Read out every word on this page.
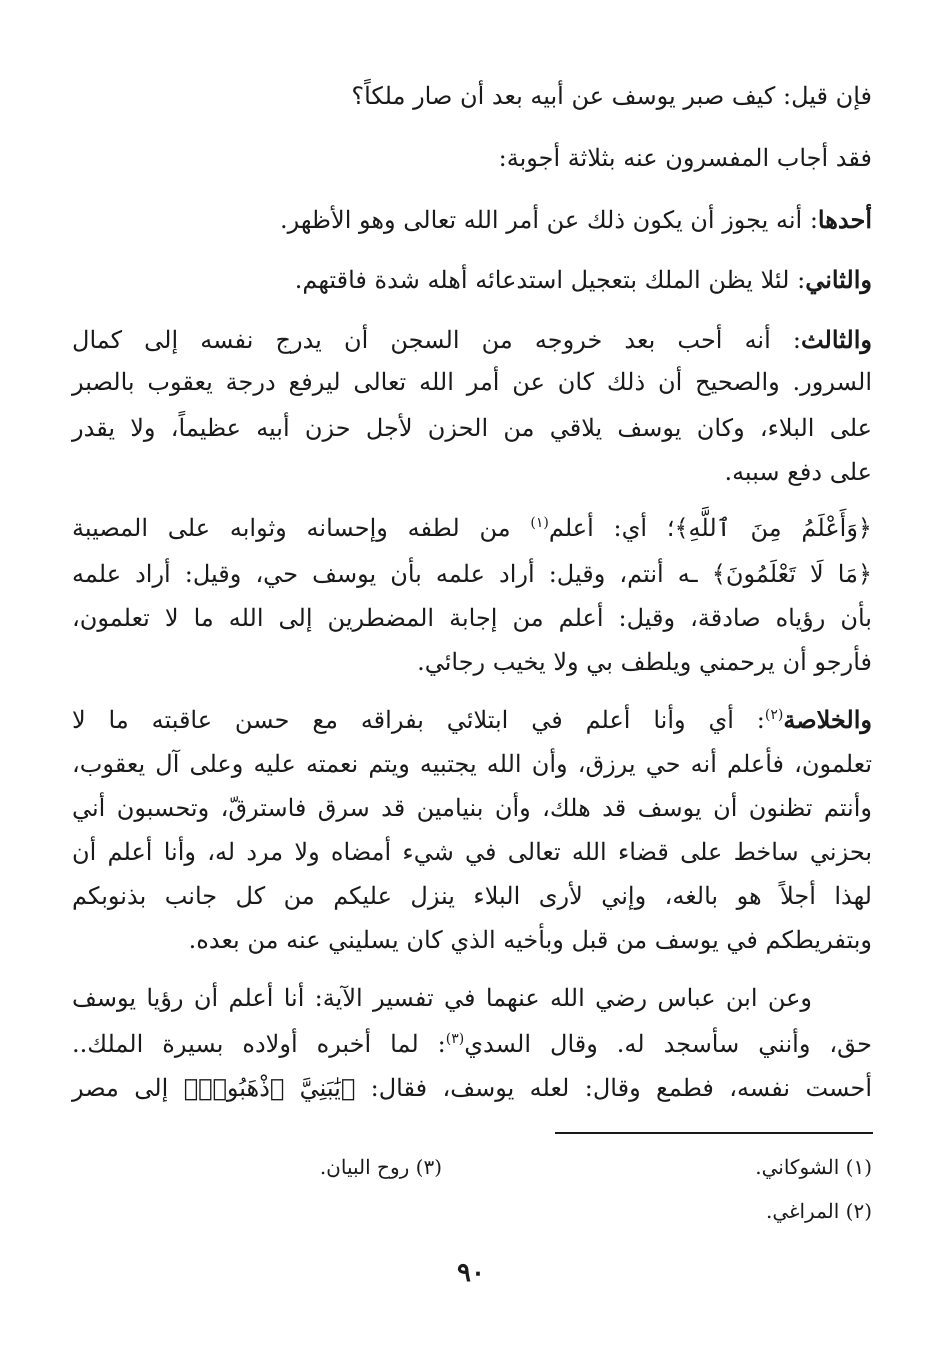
فإن قيل: كيف صبر يوسف عن أبيه بعد أن صار ملكاً؟
فقد أجاب المفسرون عنه بثلاثة أجوبة:
أحدها: أنه يجوز أن يكون ذلك عن أمر الله تعالى وهو الأظهر.
والثاني: لئلا يظن الملك بتعجيل استدعائه أهله شدة فاقتهم.
والثالث: أنه أحب بعد خروجه من السجن أن يدرج نفسه إلى كمال
السرور. والصحيح أن ذلك كان عن أمر الله تعالى ليرفع درجة يعقوب بالصبر
على البلاء، وكان يوسف يلاقي من الحزن لأجل حزن أبيه عظيماً، ولا يقدر
على دفع سببه.
﴿وَأَعْلَمُ مِنَ ٱللَّهِ﴾؛ أي: أعلم$^{(١)}$ من لطفه وإحسانه وثوابه على المصيبة
﴿مَا لَا تَعْلَمُونَ﴾ ـه أنتم، وقيل: أراد علمه بأن يوسف حي، وقيل: أراد علمه
بأن رؤياه صادقة، وقيل: أعلم من إجابة المضطرين إلى الله ما لا تعلمون،
فأرجو أن يرحمني ويلطف بي ولا يخيب رجائي.
والخلاصة$^{(٢)}$: أي وأنا أعلم في ابتلائي بفراقه مع حسن عاقبته ما لا
تعلمون، فأعلم أنه حي يرزق، وأن الله يجتبيه ويتم نعمته عليه وعلى آل يعقوب،
وأنتم تظنون أن يوسف قد هلك، وأن بنيامين قد سرق فاسترقّ، وتحسبون أني
بحزني ساخط على قضاء الله تعالى في شيء أمضاه ولا مرد له، وأنا أعلم أن
لهذا أجلاً هو بالغه، وإني لأرى البلاء ينزل عليكم من كل جانب بذنوبكم
وبتفريطكم في يوسف من قبل وبأخيه الذي كان يسليني عنه من بعده.
وعن ابن عباس رضي الله عنهما في تفسير الآية: أنا أعلم أن رؤيا يوسف
حق، وأنني سأسجد له. وقال السدي$^{(٣)}$: لما أخبره أولاده بسيرة الملك..
أحست نفسه، فطمع وقال: لعله يوسف، فقال: ﴿يَٰبَنِيَّ ٱذْهَبُوا۟﴾ إلى مصر
(١) الشوكاني.
(٣) روح البيان.
(٢) المراغي.
٩٠
